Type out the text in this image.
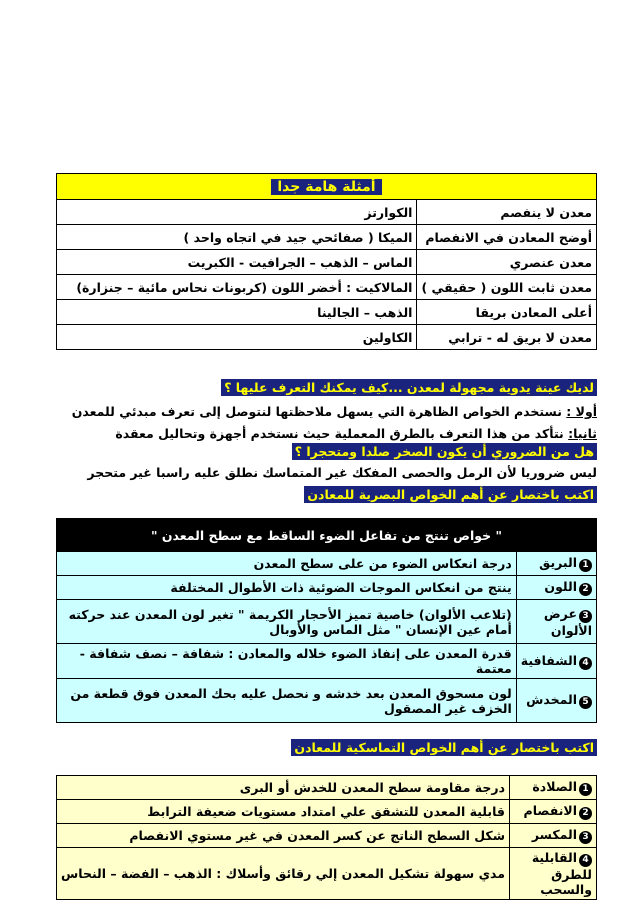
أمثلة هامة جدا	
معدن لا ينفصم	الكوارتز
أوضح المعادن في الانفصام	الميكا ( صفائحي جيد في اتجاه واحد )
معدن عنصري	الماس – الذهب – الجرافيت - الكبريت
معدن ثابت اللون ( حقيقي )	المالاكيت : أخضر اللون (كربونات نحاس مائية – جنزارة)
أعلى المعادن بريقا	الذهب – الجالينا
معدن لا بريق له - ترابي	الكاولين
لديك عينة يدوية مجهولة لمعدن ...كيف يمكنك التعرف عليها ؟
أولا : نستخدم الخواص الظاهرة التي يسهل ملاحظتها لنتوصل إلى تعرف مبدئي للمعدن
ثانيا: نتأكد من هذا التعرف بالطرق المعملية حيث نستخدم أجهزة وتحاليل معقدة
هل من الضروري أن يكون الصخر صلدا ومتحجرا ؟
ليس ضروريا لأن الرمل والحصى المفكك غير المتماسك نطلق عليه راسبا غير متحجر
اكتب باختصار عن أهم الخواص البصرية للمعادن
" خواص تنتج من تفاعل الضوء الساقط مع سطح المعدن "	
1البريق	درجة انعكاس الضوء من على سطح المعدن
2اللون	ينتج من انعكاس الموجات الضوئية ذات الأطوال المختلفة
3عرض الألوان	(تلاعب الألوان) خاصية تميز الأحجار الكريمة " تغير لون المعدن عند حركته أمام عين الإنسان " مثل الماس والأوبال
4الشفافية	قدرة المعدن على إنفاذ الضوء خلاله والمعادن : شفافة – نصف شفافة - معتمة
5المخدش	لون مسحوق المعدن بعد خدشه و نحصل عليه بحك المعدن فوق قطعة من الخزف غير المصقول
اكتب باختصار عن أهم الخواص التماسكية للمعادن
1الصلادة	درجة مقاومة سطح المعدن للخدش أو البرى
2الانفصام	قابلية المعدن للتشقق علي امتداد مستويات ضعيفة الترابط
3المكسر	شكل السطح الناتج عن كسر المعدن في غير مستوي الانفصام
4القابلية للطرق والسحب	مدي سهولة تشكيل المعدن إلي رقائق وأسلاك : الذهب – الفضة – النحاس
